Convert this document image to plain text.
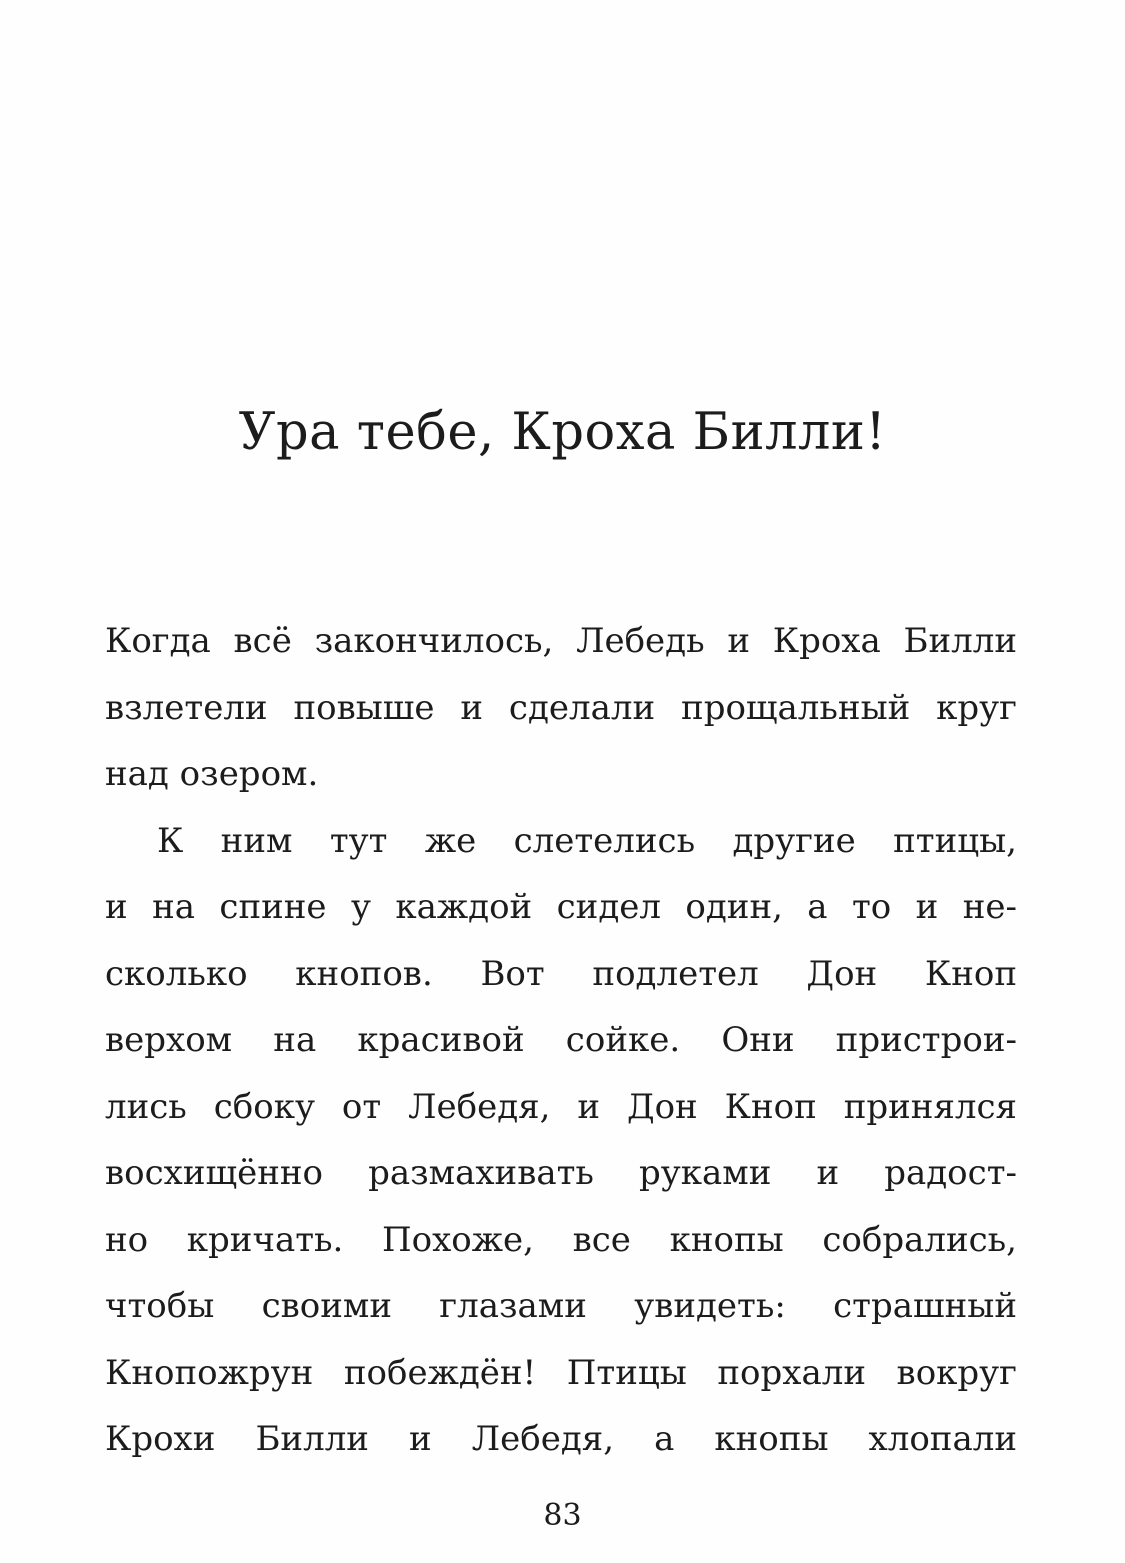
Ура тебе, Кроха Билли!
Когда всё закончилось, Лебедь и Кроха Билли
взлетели повыше и сделали прощальный круг
над озером.
К ним тут же слетелись другие птицы,
и на спине у каждой сидел один, а то и не-
сколько кнопов. Вот подлетел Дон Кноп
верхом на красивой сойке. Они пристрои-
лись сбоку от Лебедя, и Дон Кноп принялся
восхищённо размахивать руками и радост-
но кричать. Похоже, все кнопы собрались,
чтобы своими глазами увидеть: страшный
Кнопожрун побеждён! Птицы порхали вокруг
Крохи Билли и Лебедя, а кнопы хлопали
83
